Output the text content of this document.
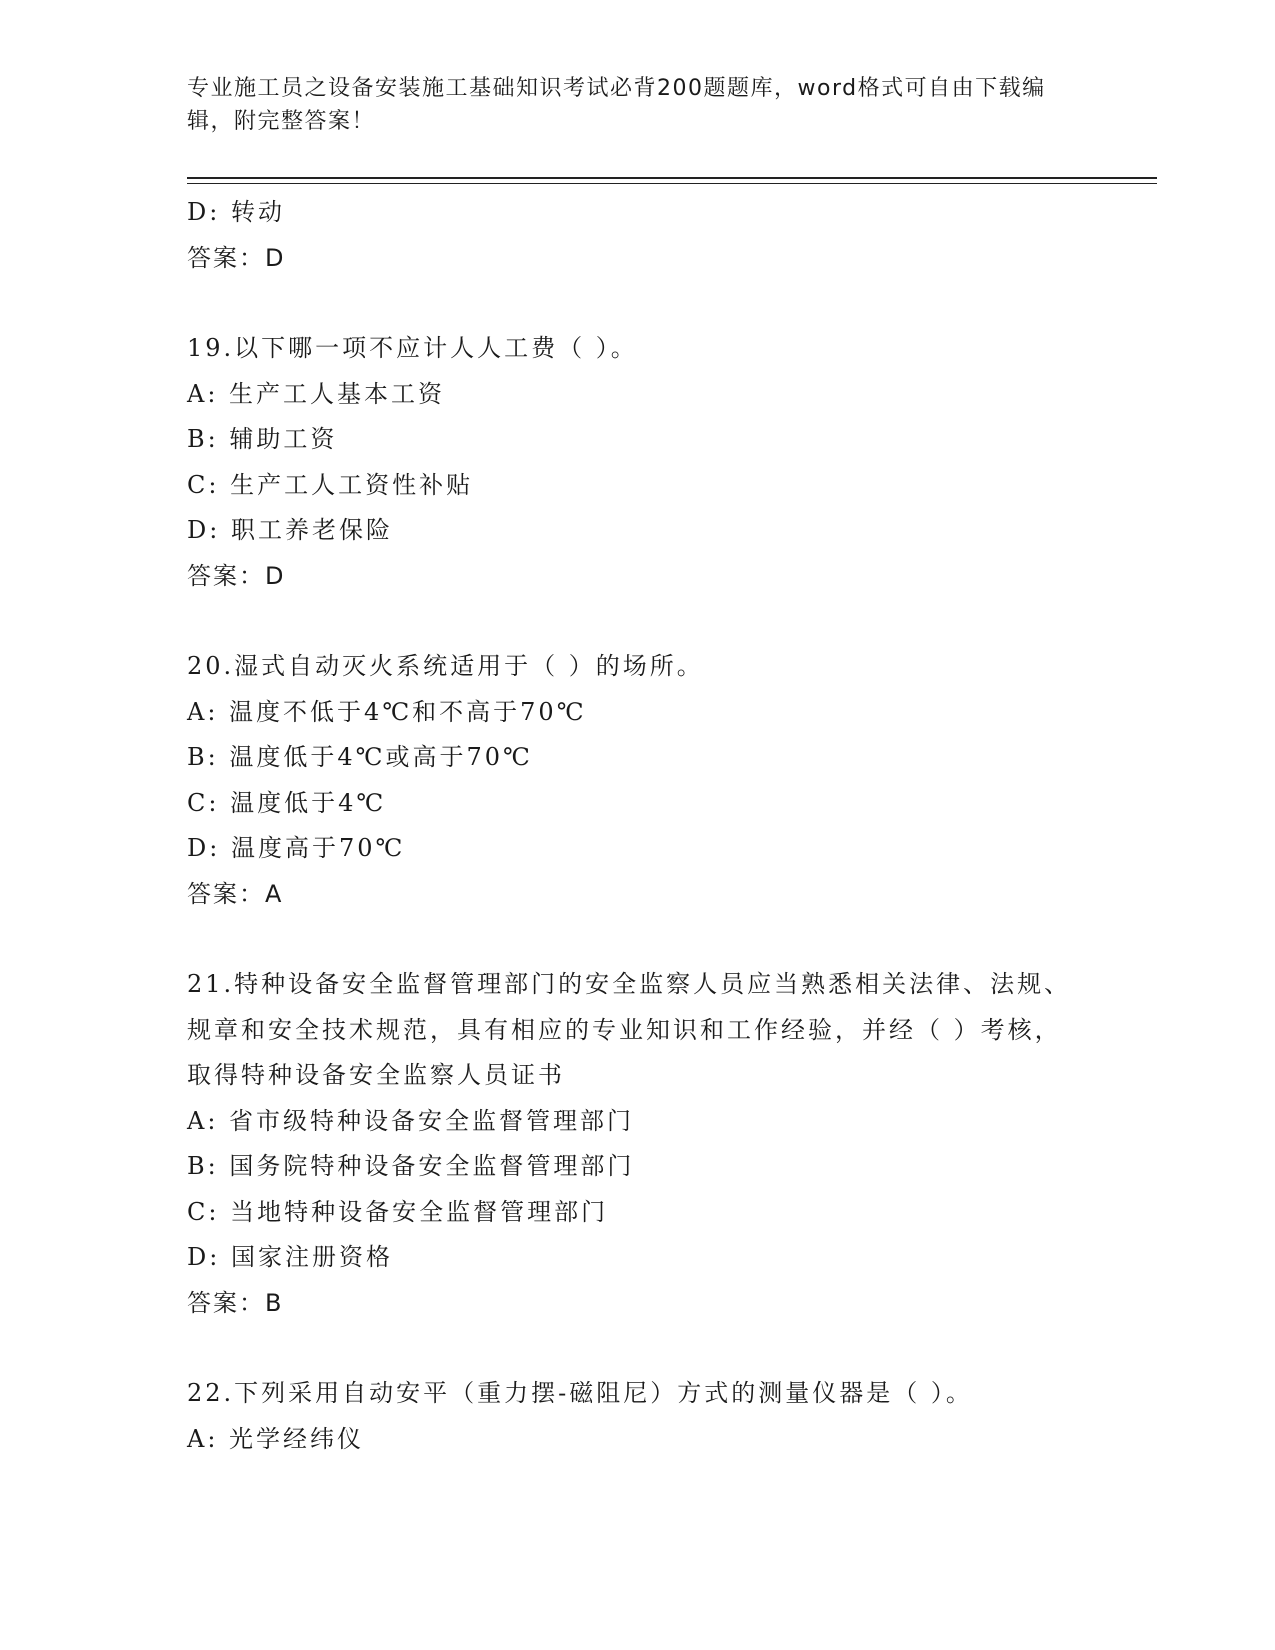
专业施工员之设备安装施工基础知识考试必背200题题库，word格式可自由下载编辑，附完整答案！
D: 转动
答案：D
19.以下哪一项不应计人人工费（ ）。
A: 生产工人基本工资
B: 辅助工资
C: 生产工人工资性补贴
D: 职工养老保险
答案：D
20.湿式自动灭火系统适用于（ ）的场所。
A: 温度不低于4℃和不高于70℃
B: 温度低于4℃或高于70℃
C: 温度低于4℃
D: 温度高于70℃
答案：A
21.特种设备安全监督管理部门的安全监察人员应当熟悉相关法律、法规、规章和安全技术规范，具有相应的专业知识和工作经验，并经（ ）考核，取得特种设备安全监察人员证书
A: 省市级特种设备安全监督管理部门
B: 国务院特种设备安全监督管理部门
C: 当地特种设备安全监督管理部门
D: 国家注册资格
答案：B
22.下列采用自动安平（重力摆-磁阻尼）方式的测量仪器是（ ）。
A: 光学经纬仪
